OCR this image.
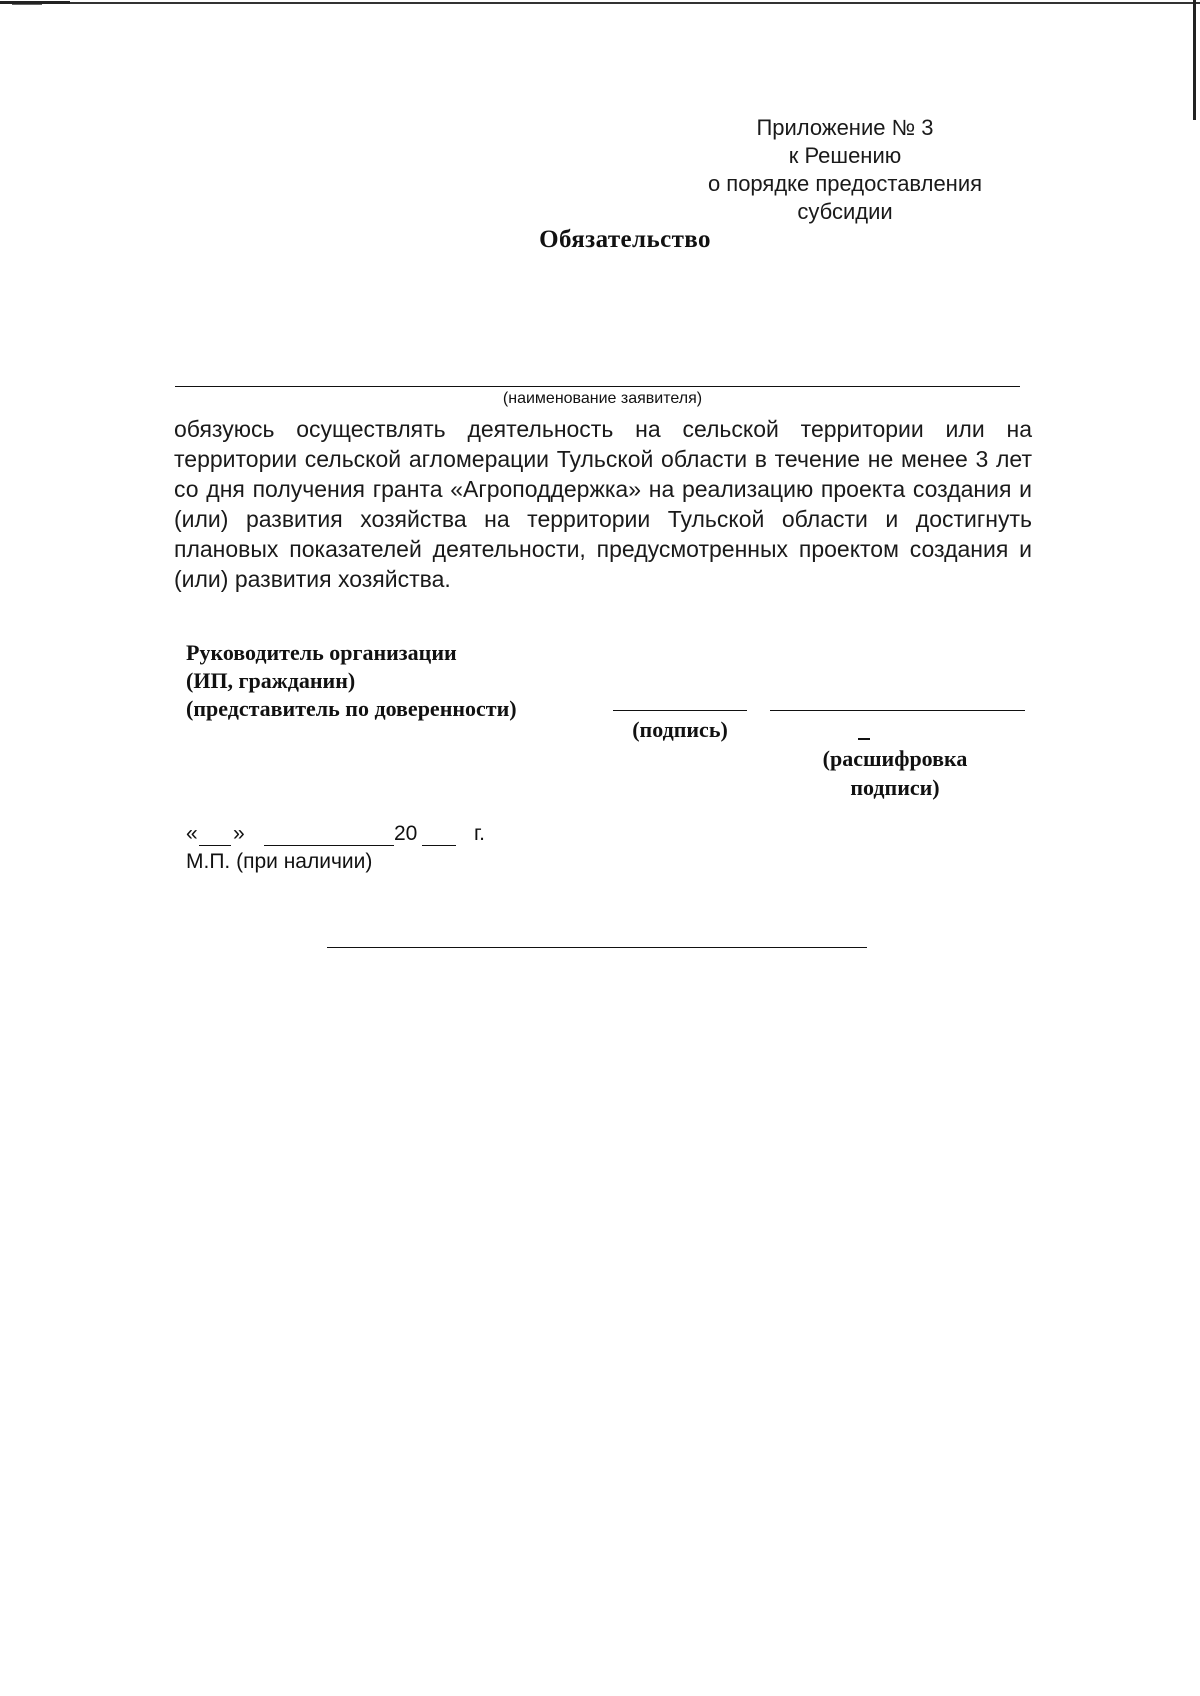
Приложение № 3
к Решению
о порядке предоставления
субсидии
Обязательство
(наименование заявителя)
обязуюсь осуществлять деятельность на сельской территории или на территории сельской агломерации Тульской области в течение не менее 3 лет со дня получения гранта «Агроподдержка» на реализацию проекта создания и (или) развития хозяйства на территории Тульской области и достигнуть плановых показателей деятельности, предусмотренных проектом создания и (или) развития хозяйства.
Руководитель организации
(ИП, гражданин)
(представитель по доверенности)
(подпись)
(расшифровка
подписи)
« »	20	г.
М.П. (при наличии)
